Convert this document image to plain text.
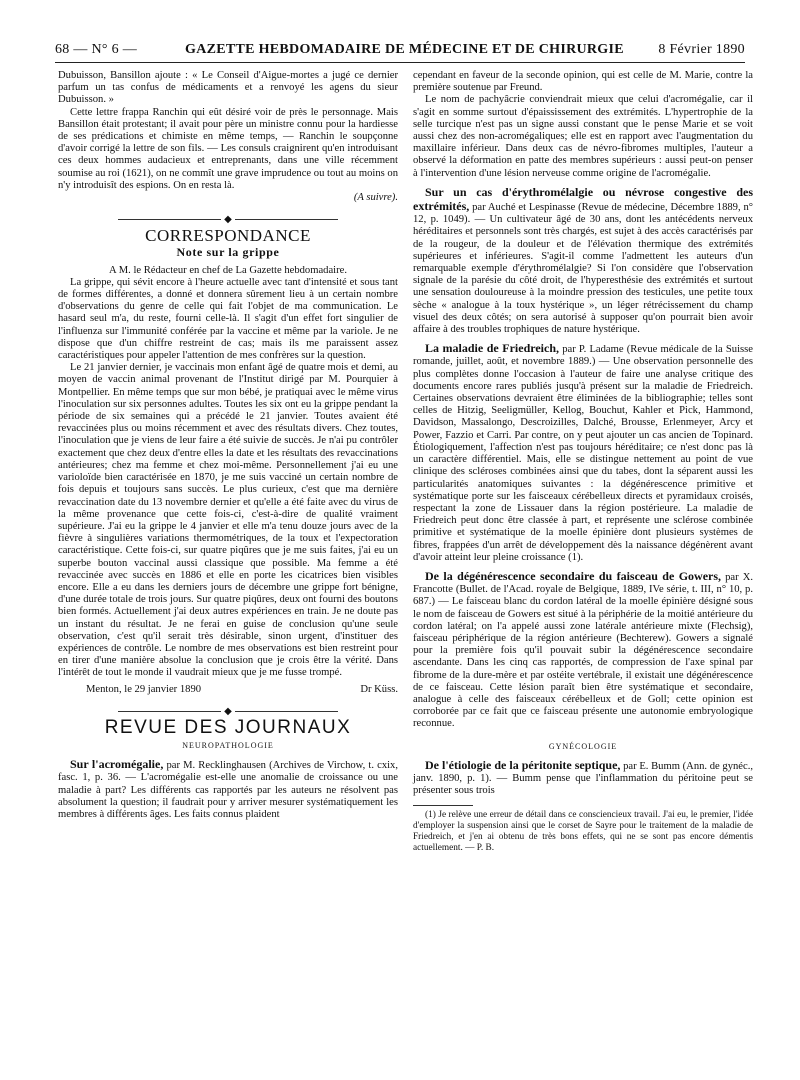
68 — N° 6 —	GAZETTE HEBDOMADAIRE DE MÉDECINE ET DE CHIRURGIE 8 Février 1890

Dubuisson, Bansillon ajoute : « Le Conseil d'Aigue-mortes a jugé ce dernier parfum un tas confus de médicaments et a renvoyé les agens du sieur Dubuisson. »

Cette lettre frappa Ranchin qui eût désiré voir de près le personnage. Mais Bansillon était protestant; il avait pour père un ministre connu pour la hardiesse de ses prédications et chimiste en même temps, — Ranchin le soupçonne d'avoir corrigé la lettre de son fils. — Les consuls craignirent qu'en introduisant ces deux hommes audacieux et entreprenants, dans une ville récemment soumise au roi (1621), on ne commît une grave imprudence ou tout au moins on n'y introduisît des espions. On en resta là.

(A suivre).
◆
CORRESPONDANCE
Note sur la grippe

A M. le Rédacteur en chef de La Gazette hebdomadaire.

La grippe, qui sévit encore à l'heure actuelle avec tant d'intensité et sous tant de formes différentes, a donné et donnera sûrement lieu à un certain nombre d'observations du genre de celle qui fait l'objet de ma communication. Le hasard seul m'a, du reste, fourni celle-là. Il s'agit d'un effet fort singulier de l'influenza sur l'immunité conférée par la vaccine et même par la variole. Je ne dispose que d'un chiffre restreint de cas; mais ils me paraissent assez caractéristiques pour appeler l'attention de mes confrères sur la question.

Le 21 janvier dernier, je vaccinais mon enfant âgé de quatre mois et demi, au moyen de vaccin animal provenant de l'Institut dirigé par M. Pourquier à Montpellier. En même temps que sur mon bébé, je pratiquai avec le même virus l'inoculation sur six personnes adultes. Toutes les six ont eu la grippe pendant la période de six semaines qui a précédé le 21 janvier. Toutes avaient été revaccinées plus ou moins récemment et avec des résultats divers. Chez toutes, l'inoculation que je viens de leur faire a été suivie de succès. Je n'ai pu contrôler exactement que chez deux d'entre elles la date et les résultats des revaccinations antérieures; chez ma femme et chez moi-même. Personnellement j'ai eu une varioloïde bien caractérisée en 1870, je me suis vacciné un certain nombre de fois depuis et toujours sans succès. Le plus curieux, c'est que ma dernière revaccination date du 13 novembre dernier et qu'elle a été faite avec du virus de la même provenance que cette fois-ci, c'est-à-dire de qualité vraiment supérieure. J'ai eu la grippe le 4 janvier et elle m'a tenu douze jours avec de la fièvre à singulières variations thermométriques, de la toux et l'expectoration caractéristique. Cette fois-ci, sur quatre piqûres que je me suis faites, j'ai eu un superbe bouton vaccinal aussi classique que possible. Ma femme a été revaccinée avec succès en 1886 et elle en porte les cicatrices bien visibles encore. Elle a eu dans les derniers jours de décembre une grippe fort bénigne, d'une durée totale de trois jours. Sur quatre piqûres, deux ont fourni des boutons bien formés. Actuellement j'ai deux autres expériences en train. Je ne doute pas un instant du résultat. Je ne ferai en guise de conclusion qu'une seule observation, c'est qu'il serait très désirable, sinon urgent, d'instituer des expériences de contrôle. Le nombre de mes observations est bien restreint pour en tirer d'une manière absolue la conclusion que je crois être la vérité. Dans l'intérêt de tout le monde il vaudrait mieux que je me fusse trompé.

Menton, le 29 janvier 1890	Dr Küss.
◆
REVUE DES JOURNAUX
NEUROPATHOLOGIE

Sur l'acromégalie, par M. Recklinghausen (Archives de Virchow, t. cxix, fasc. 1, p. 36. — L'acromégalie est-elle une anomalie de croissance ou une maladie à part? Les différents cas rapportés par les auteurs ne résolvent pas absolument la question; il faudrait pour y arriver mesurer systématiquement les membres à différents âges. Les faits connus plaident

cependant en faveur de la seconde opinion, qui est celle de M. Marie, contre la première soutenue par Freund.

Le nom de pachyâcrie conviendrait mieux que celui d'acromégalie, car il s'agit en somme surtout d'épaississement des extrémités. L'hypertrophie de la selle turcique n'est pas un signe aussi constant que le pense Marie et se voit aussi chez des non-acromégaliques; elle est en rapport avec l'augmentation du maxillaire inférieur. Dans deux cas de névro-fibromes multiples, l'auteur a observé la déformation en patte des membres supérieurs : aussi peut-on penser à l'intervention d'une lésion nerveuse comme origine de l'acromégalie.

Sur un cas d'érythromélalgie ou névrose congestive des extrémités, par Auché et Lespinasse (Revue de médecine, Décembre 1889, n° 12, p. 1049). — Un cultivateur âgé de 30 ans, dont les antécédents nerveux héréditaires et personnels sont très chargés, est sujet à des accès caractérisés par de la rougeur, de la douleur et de l'élévation thermique des extrémités supérieures et inférieures. S'agit-il comme l'admettent les auteurs d'un remarquable exemple d'érythromélalgie? Si l'on considère que l'observation signale de la parésie du côté droit, de l'hyperesthésie des extrémités et surtout une sensation douloureuse à la moindre pression des testicules, une petite toux sèche « analogue à la toux hystérique », un léger rétrécissement du champ visuel des deux côtés; on sera autorisé à supposer qu'on pourrait bien avoir affaire à des troubles trophiques de nature hystérique.

La maladie de Friedreich, par P. Ladame (Revue médicale de la Suisse romande, juillet, août, et novembre 1889.) — Une observation personnelle des plus complètes donne l'occasion à l'auteur de faire une analyse critique des documents encore rares publiés jusqu'à présent sur la maladie de Friedreich. Certaines observations devraient être éliminées de la bibliographie; telles sont celles de Hitzig, Seeligmüller, Kellog, Bouchut, Kahler et Pick, Hammond, Davidson, Massalongo, Descroizilles, Dalché, Brousse, Erlenmeyer, Arcy et Power, Fazzio et Carri. Par contre, on y peut ajouter un cas ancien de Topinard. Étiologiquement, l'affection n'est pas toujours héréditaire; ce n'est donc pas là un caractère différentiel. Mais, elle se distingue nettement au point de vue clinique des scléroses combinées ainsi que du tabes, dont la séparent aussi les particularités anatomiques suivantes : la dégénérescence primitive et systématique porte sur les faisceaux cérébelleux directs et pyramidaux croisés, respectant la zone de Lissauer dans la région postérieure. La maladie de Friedreich peut donc être classée à part, et représente une sclérose combinée primitive et systématique de la moelle épinière dont plusieurs systèmes de fibres, frappées d'un arrêt de développement dès la naissance dégénèrent avant d'avoir atteint leur pleine croissance (1).

De la dégénérescence secondaire du faisceau de Gowers, par X. Francotte (Bullet. de l'Acad. royale de Belgique, 1889, IVe série, t. III, n° 10, p. 687.) — Le faisceau blanc du cordon latéral de la moelle épinière désigné sous le nom de faisceau de Gowers est situé à la périphérie de la moitié antérieure du cordon latéral; on l'a appelé aussi zone latérale antérieure mixte (Flechsig), faisceau périphérique de la région antérieure (Bechterew). Gowers a signalé pour la première fois qu'il pouvait subir la dégénérescence secondaire ascendante. Dans les cinq cas rapportés, de compression de l'axe spinal par fibrome de la dure-mère et par ostéite vertébrale, il existait une dégénérescence de ce faisceau. Cette lésion paraît bien être systématique et secondaire, analogue à celle des faisceaux cérébelleux et de Goll; cette opinion est corroborée par ce fait que ce faisceau présente une autonomie embryologique reconnue.

GYNÉCOLOGIE

De l'étiologie de la péritonite septique, par E. Bumm (Ann. de gynéc., janv. 1890, p. 1). — Bumm pense que l'inflammation du péritoine peut se présenter sous trois

(1) Je relève une erreur de détail dans ce consciencieux travail. J'ai eu, le premier, l'idée d'employer la suspension ainsi que le corset de Sayre pour le traitement de la maladie de Friedreich, et j'en ai obtenu de très bons effets, qui ne se sont pas encore démentis actuellement. — P. B.
